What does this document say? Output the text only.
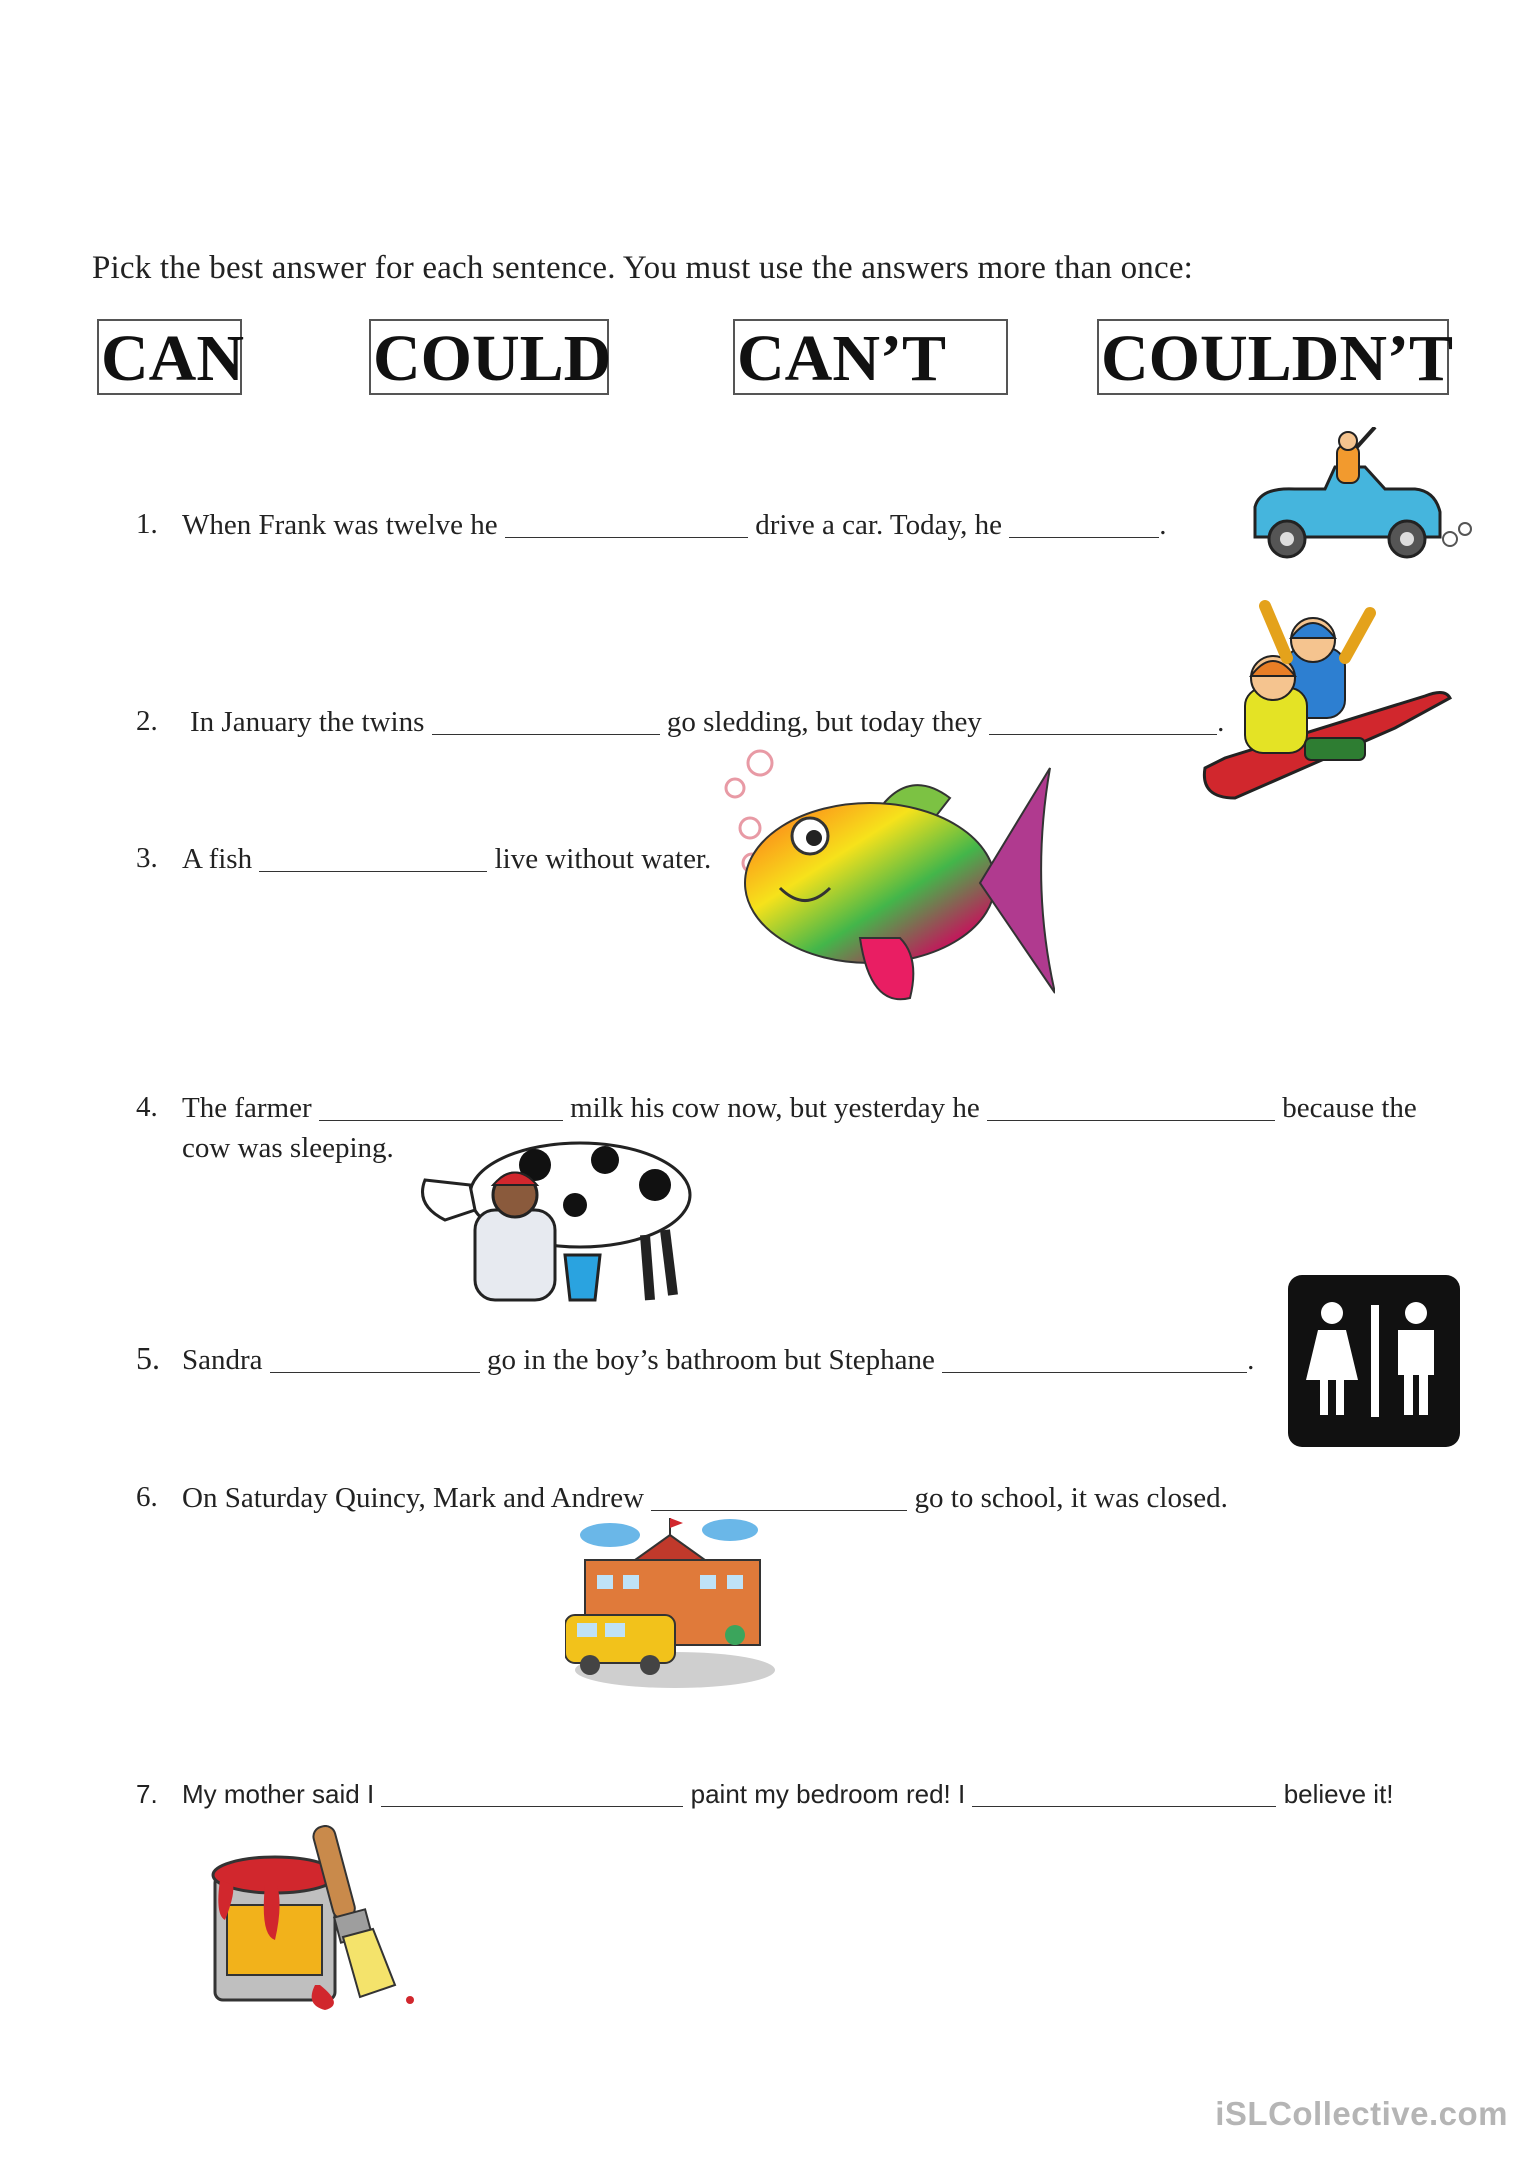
Pick the best answer for each sentence. You must use the answers more than once:
CAN COULD CAN’T	COULDN’T
1. When Frank was twelve he	drive a car. Today, he	.
2. In January the twins	go sledding, but today they	.
3. A fish	live without water.
4. The farmer	milk his cow now, but yesterday he	because the
cow was sleeping.
5. Sandra	go in the boy’s bathroom but Stephane	.
6. On Saturday Quincy, Mark and Andrew	go to school, it was closed.
7. My mother said I	paint my bedroom red! I	believe it!
iSLCollective.com
